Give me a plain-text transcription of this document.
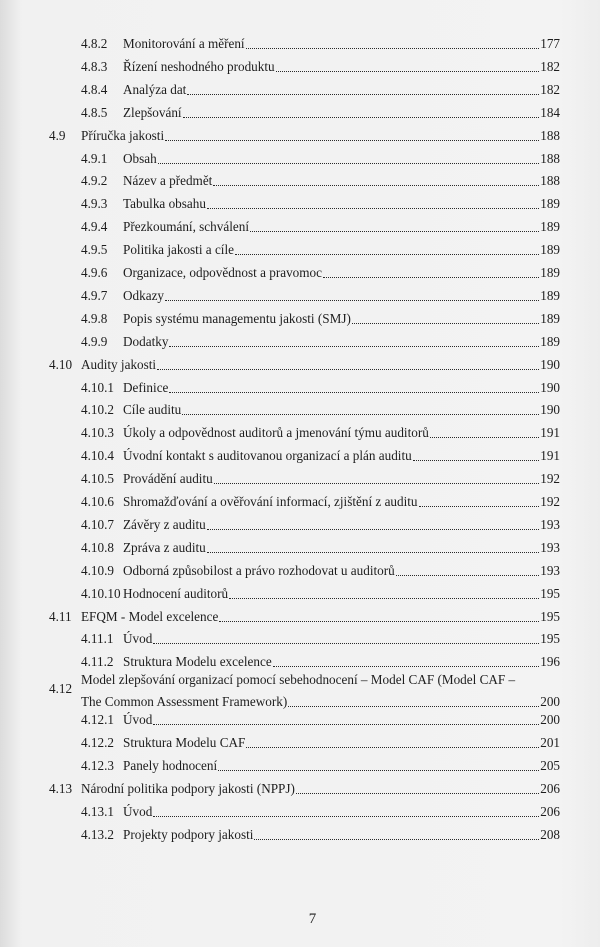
4.8.2 Monitorování a měření	177
4.8.3 Řízení neshodného produktu	182
4.8.4 Analýza dat	182
4.8.5 Zlepšování	184
4.9 Příručka jakosti	188
4.9.1 Obsah	188
4.9.2 Název a předmět	188
4.9.3 Tabulka obsahu	189
4.9.4 Přezkoumání, schválení	189
4.9.5 Politika jakosti a cíle	189
4.9.6 Organizace, odpovědnost a pravomoc	189
4.9.7 Odkazy	189
4.9.8 Popis systému managementu jakosti (SMJ)	189
4.9.9 Dodatky	189
4.10 Audity jakosti	190
4.10.1 Definice	190
4.10.2 Cíle auditu	190
4.10.3 Úkoly a odpovědnost auditorů a jmenování týmu auditorů	191
4.10.4 Úvodní kontakt s auditovanou organizací a plán auditu	191
4.10.5 Provádění auditu	192
4.10.6 Shromažďování a ověřování informací, zjištění z auditu	192
4.10.7 Závěry z auditu	193
4.10.8 Zpráva z auditu	193
4.10.9 Odborná způsobilost a právo rozhodovat u auditorů	193
4.10.10 Hodnocení auditorů	195
4.11 EFQM - Model excelence	195
4.11.1 Úvod	195
4.11.2 Struktura Modelu excelence	196
4.12
Model zlepšování organizací pomocí sebehodnocení – Model CAF (Model CAF –
The Common Assessment Framework)	200
4.12.1 Úvod	200
4.12.2 Struktura Modelu CAF	201
4.12.3 Panely hodnocení	205
4.13 Národní politika podpory jakosti (NPPJ)	206
4.13.1 Úvod	206
4.13.2 Projekty podpory jakosti	208
7
